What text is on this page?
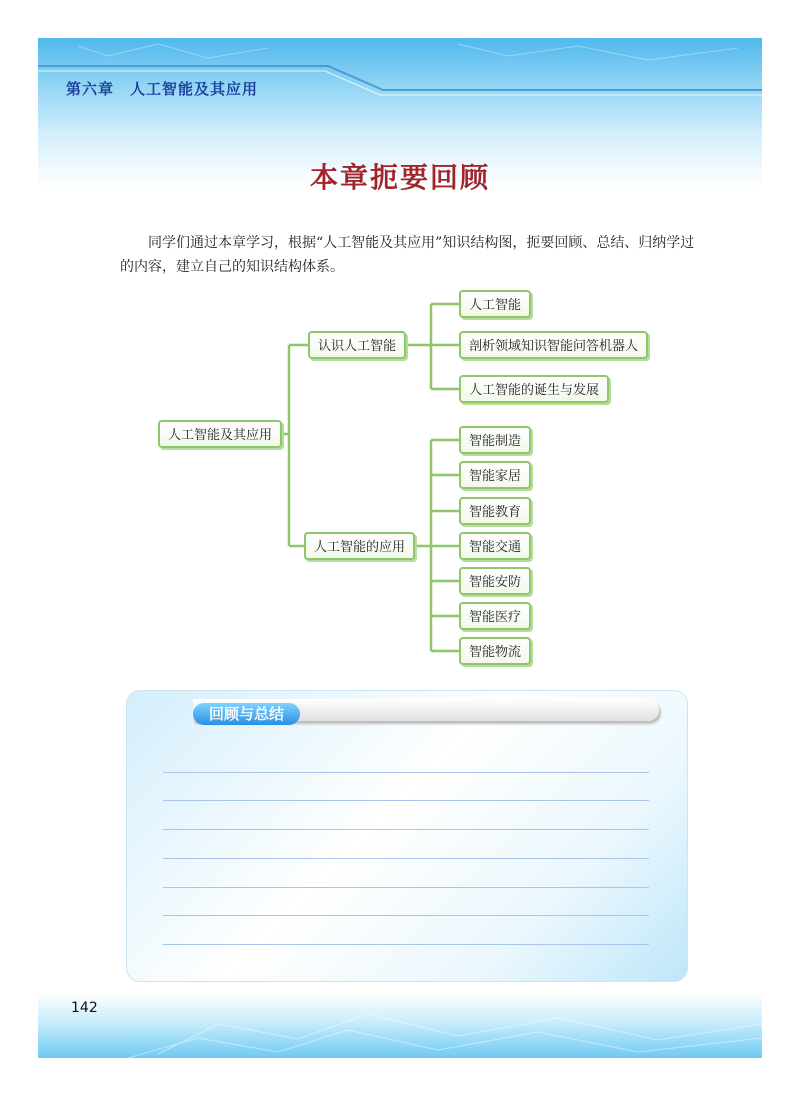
第六章　人工智能及其应用
本章扼要回顾
同学们通过本章学习，根据“人工智能及其应用”知识结构图，扼要回顾、总结、归纳学过的内容，建立自己的知识结构体系。
人工智能及其应用
认识人工智能
人工智能
剖析领域知识智能问答机器人
人工智能的诞生与发展
人工智能的应用
智能制造
智能家居
智能教育
智能交通
智能安防
智能医疗
智能物流
回顾与总结
142
